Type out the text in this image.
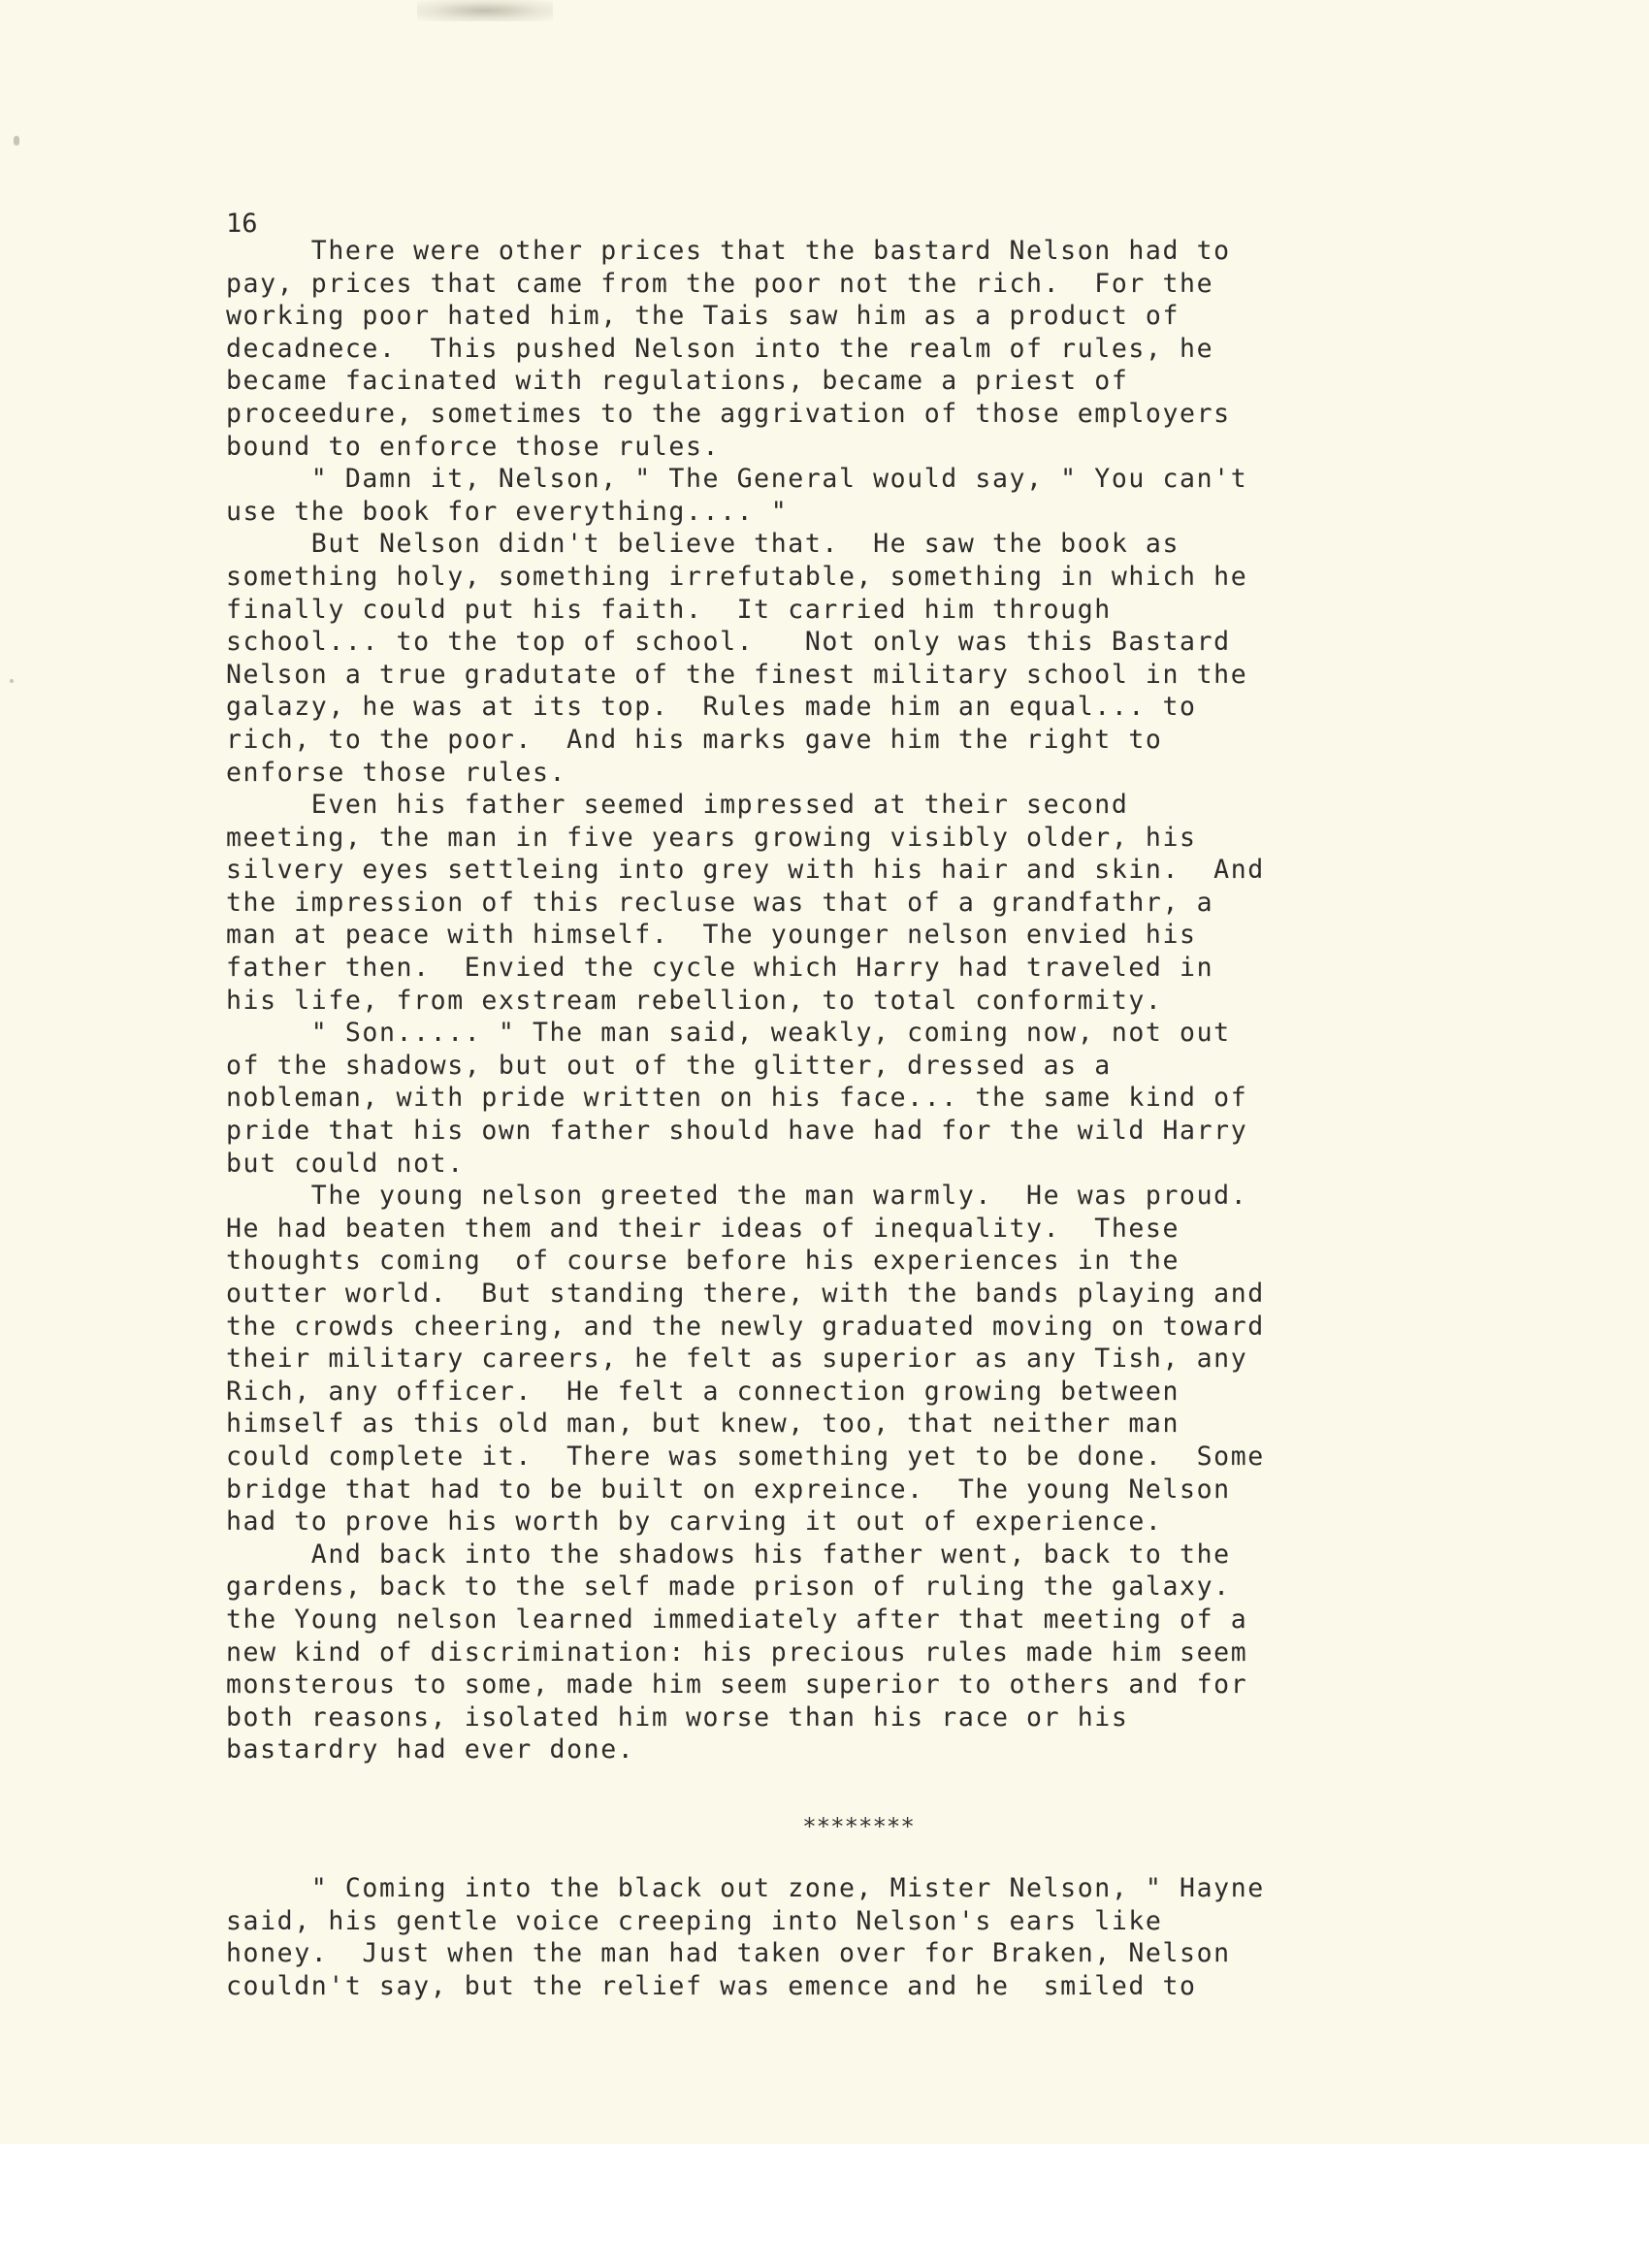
16
There were other prices that the bastard Nelson had to
pay, prices that came from the poor not the rich.  For the
working poor hated him, the Tais saw him as a product of
decadnece.  This pushed Nelson into the realm of rules, he
became facinated with regulations, became a priest of
proceedure, sometimes to the aggrivation of those employers
bound to enforce those rules.
" Damn it, Nelson, " The General would say, " You can't
use the book for everything.... "
But Nelson didn't believe that.  He saw the book as
something holy, something irrefutable, something in which he
finally could put his faith.  It carried him through
school... to the top of school.   Not only was this Bastard
Nelson a true gradutate of the finest military school in the
galazy, he was at its top.  Rules made him an equal... to
rich, to the poor.  And his marks gave him the right to
enforse those rules.
Even his father seemed impressed at their second
meeting, the man in five years growing visibly older, his
silvery eyes settleing into grey with his hair and skin.  And
the impression of this recluse was that of a grandfathr, a
man at peace with himself.  The younger nelson envied his
father then.  Envied the cycle which Harry had traveled in
his life, from exstream rebellion, to total conformity.
" Son..... " The man said, weakly, coming now, not out
of the shadows, but out of the glitter, dressed as a
nobleman, with pride written on his face... the same kind of
pride that his own father should have had for the wild Harry
but could not.
The young nelson greeted the man warmly.  He was proud.
He had beaten them and their ideas of inequality.  These
thoughts coming  of course before his experiences in the
outter world.  But standing there, with the bands playing and
the crowds cheering, and the newly graduated moving on toward
their military careers, he felt as superior as any Tish, any
Rich, any officer.  He felt a connection growing between
himself as this old man, but knew, too, that neither man
could complete it.  There was something yet to be done.  Some
bridge that had to be built on expreince.  The young Nelson
had to prove his worth by carving it out of experience.
And back into the shadows his father went, back to the
gardens, back to the self made prison of ruling the galaxy.
the Young nelson learned immediately after that meeting of a
new kind of discrimination: his precious rules made him seem
monsterous to some, made him seem superior to others and for
both reasons, isolated him worse than his race or his
bastardry had ever done.
********
" Coming into the black out zone, Mister Nelson, " Hayne
said, his gentle voice creeping into Nelson's ears like
honey.  Just when the man had taken over for Braken, Nelson
couldn't say, but the relief was emence and he  smiled to
